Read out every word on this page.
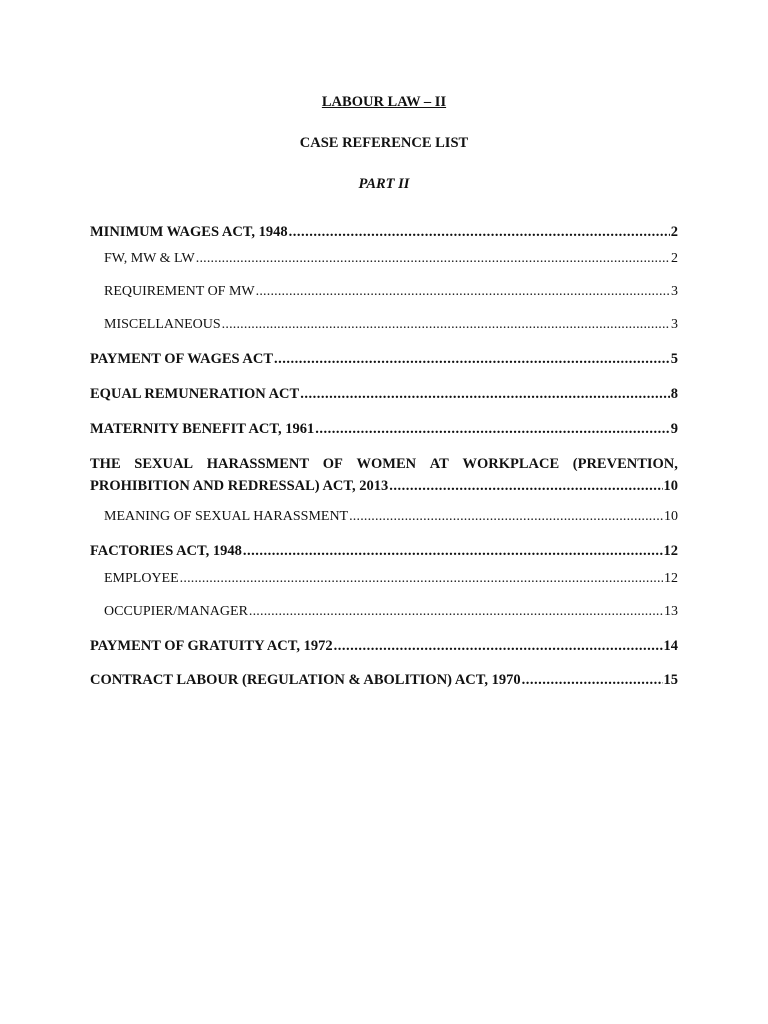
LABOUR LAW – II
CASE REFERENCE LIST
PART II
MINIMUM WAGES ACT, 1948 .....	2
FW, MW & LW .....	2
REQUIREMENT OF MW .....	3
MISCELLANEOUS .....	3
PAYMENT OF WAGES ACT .....	5
EQUAL REMUNERATION ACT .....	8
MATERNITY BENEFIT ACT, 1961 .....	9
THE SEXUAL HARASSMENT OF WOMEN AT WORKPLACE (PREVENTION,
PROHIBITION AND REDRESSAL) ACT, 2013 .....	10
MEANING OF SEXUAL HARASSMENT .....	10
FACTORIES ACT, 1948 .....	12
EMPLOYEE .....	12
OCCUPIER/MANAGER .....	13
PAYMENT OF GRATUITY ACT, 1972 .....	14
CONTRACT LABOUR (REGULATION & ABOLITION) ACT, 1970 .....	15
